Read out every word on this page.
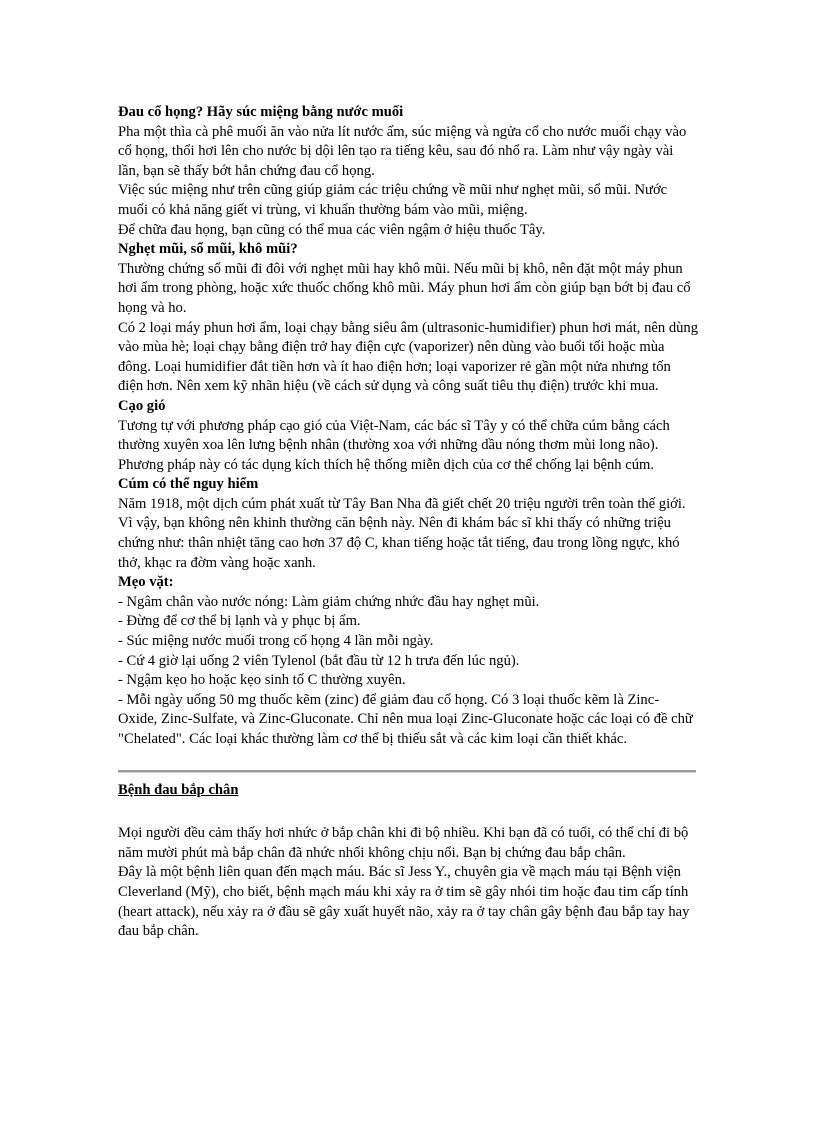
Đau cổ họng? Hãy súc miệng bằng nước muối

Pha một thìa cà phê muối ăn vào nửa lít nước ấm, súc miệng và ngửa cổ cho nước muối chạy vào cổ họng, thổi hơi lên cho nước bị dội lên tạo ra tiếng kêu, sau đó nhổ ra. Làm như vậy ngày vài lần, bạn sẽ thấy bớt hẳn chứng đau cổ họng.

Việc súc miệng như trên cũng giúp giảm các triệu chứng về mũi như nghẹt mũi, sổ mũi. Nước muối có khả năng giết vi trùng, vi khuẩn thường bám vào mũi, miệng.

Để chữa đau họng, bạn cũng có thể mua các viên ngậm ở hiệu thuốc Tây.

Nghẹt mũi, sổ mũi, khô mũi?

Thường chứng sổ mũi đi đôi với nghẹt mũi hay khô mũi. Nếu mũi bị khô, nên đặt một máy phun hơi ẩm trong phòng, hoặc xức thuốc chống khô mũi. Máy phun hơi ẩm còn giúp bạn bớt bị đau cổ họng và ho.

Có 2 loại máy phun hơi ẩm, loại chạy bằng siêu âm (ultrasonic-humidifier) phun hơi mát, nên dùng vào mùa hè; loại chạy bằng điện trở hay điện cực (vaporizer) nên dùng vào buổi tối hoặc mùa đông. Loại humidifier đắt tiền hơn và ít hao điện hơn; loại vaporizer rẻ gần một nửa nhưng tốn điện hơn. Nên xem kỹ nhãn hiệu (về cách sử dụng và công suất tiêu thụ điện) trước khi mua.

Cạo gió

Tương tự với phương pháp cạo gió của Việt-Nam, các bác sĩ Tây y có thể chữa cúm bằng cách thường xuyên xoa lên lưng bệnh nhân (thường xoa với những dầu nóng thơm mùi long não). Phương pháp này có tác dụng kích thích hệ thống miễn dịch của cơ thể chống lại bệnh cúm.

Cúm có thể nguy hiểm

Năm 1918, một dịch cúm phát xuất từ Tây Ban Nha đã giết chết 20 triệu người trên toàn thế giới. Vì vậy, bạn không nên khinh thường căn bệnh này. Nên đi khám bác sĩ khi thấy có những triệu chứng như: thân nhiệt tăng cao hơn 37 độ C, khan tiếng hoặc tắt tiếng, đau trong lồng ngực, khó thở, khạc ra đờm vàng hoặc xanh.

Mẹo vặt:

- Ngâm chân vào nước nóng: Làm giảm chứng nhức đầu hay nghẹt mũi.

- Đừng để cơ thể bị lạnh và y phục bị ẩm.

- Súc miệng nước muối trong cổ họng 4 lần mỗi ngày.

- Cứ 4 giờ lại uống 2 viên Tylenol (bắt đầu từ 12 h trưa đến lúc ngủ).

- Ngậm kẹo ho hoặc kẹo sinh tố C thường xuyên.

- Mỗi ngày uống 50 mg thuốc kẽm (zinc) để giảm đau cổ họng. Có 3 loại thuốc kẽm là Zinc-Oxide, Zinc-Sulfate, và Zinc-Gluconate. Chỉ nên mua loại Zinc-Gluconate hoặc các loại có đề chữ "Chelated". Các loại khác thường làm cơ thể bị thiếu sắt và các kim loại cần thiết khác.

Bệnh đau bắp chân

Mọi người đều cảm thấy hơi nhức ở bắp chân khi đi bộ nhiều. Khi bạn đã có tuổi, có thể chỉ đi bộ năm mười phút mà bắp chân đã nhức nhối không chịu nổi. Bạn bị chứng đau bắp chân.

Đây là một bệnh liên quan đến mạch máu. Bác sĩ Jess Y., chuyên gia về mạch máu tại Bệnh viện Cleverland (Mỹ), cho biết, bệnh mạch máu khi xảy ra ở tim sẽ gây nhói tim hoặc đau tim cấp tính (heart attack), nếu xảy ra ở đầu sẽ gây xuất huyết não, xảy ra ở tay chân gây bệnh đau bắp tay hay đau bắp chân.
